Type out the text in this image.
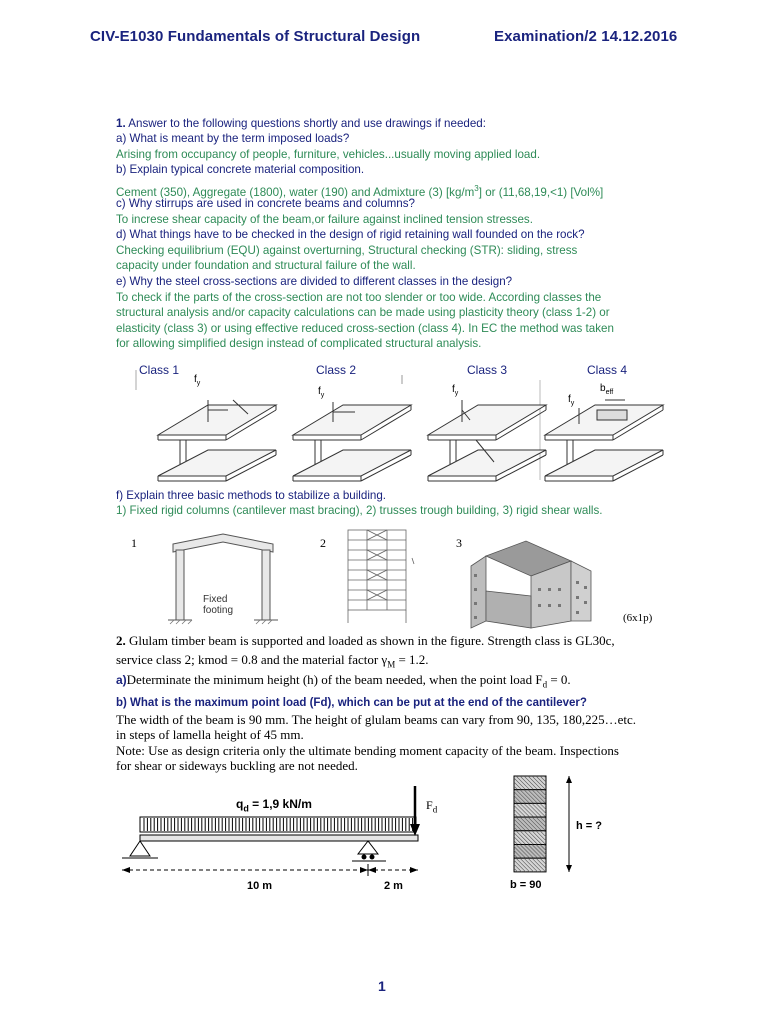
CIV-E1030 Fundamentals of Structural Design	Examination/2 14.12.2016
1. Answer to the following questions shortly and use drawings if needed:
a) What is meant by the term imposed loads?
Arising from occupancy of people, furniture, vehicles...usually moving applied load.
b) Explain typical concrete material composition.
Cement (350), Aggregate (1800), water (190) and Admixture (3) $[kg/m^3]$ or (11,68,19,<1) [Vol%]
c) Why stirrups are used in concrete beams and columns?
To increse shear capacity of the beam,or failure against inclined tension stresses.
d) What things have to be checked in the design of rigid retaining wall founded on the rock?
Checking equilibrium (EQU) against overturning, Structural checking (STR): sliding, stress
capacity under foundation and structural failure of the wall.
e) Why the steel cross-sections are divided to different classes in the design?
To check if the parts of the cross-section are not too slender or too wide. According classes the
structural analysis and/or capacity calculations can be made using plasticity theory (class 1-2) or
elasticity (class 3) or using effective reduced cross-section (class 4). In EC the method was taken
for allowing simplified design instead of complicated structural analysis.
Class 1	Class 2	Class 3	Class 4
$f_y$
$f_y$
$f_y$
$f_y$
$b_{eff}$
f) Explain three basic methods to stabilize a building.
1) Fixed rigid columns (cantilever mast bracing), 2) trusses trough building, 3) rigid shear walls.
1	2	3
Fixed
footing
(6x1p)
2. Glulam timber beam is supported and loaded as shown in the figure. Strength class is GL30c,
service class 2; kmod = 0.8 and the material factor $\gamma_M = 1.2$.
a)Determinate the minimum height (h) of the beam needed, when the point load $F_d = 0$.
b) What is the maximum point load (Fd), which can be put at the end of the cantilever?
The width of the beam is 90 mm. The height of glulam beams can vary from 90, 135, 180,225…etc.
in steps of lamella height of 45 mm.
Note: Use as design criteria only the ultimate bending moment capacity of the beam. Inspections
for shear or sideways buckling are not needed.
$q_d = 1,9$ kN/m	$F_d$
10 m	2 m
h = ?
b = 90
1
